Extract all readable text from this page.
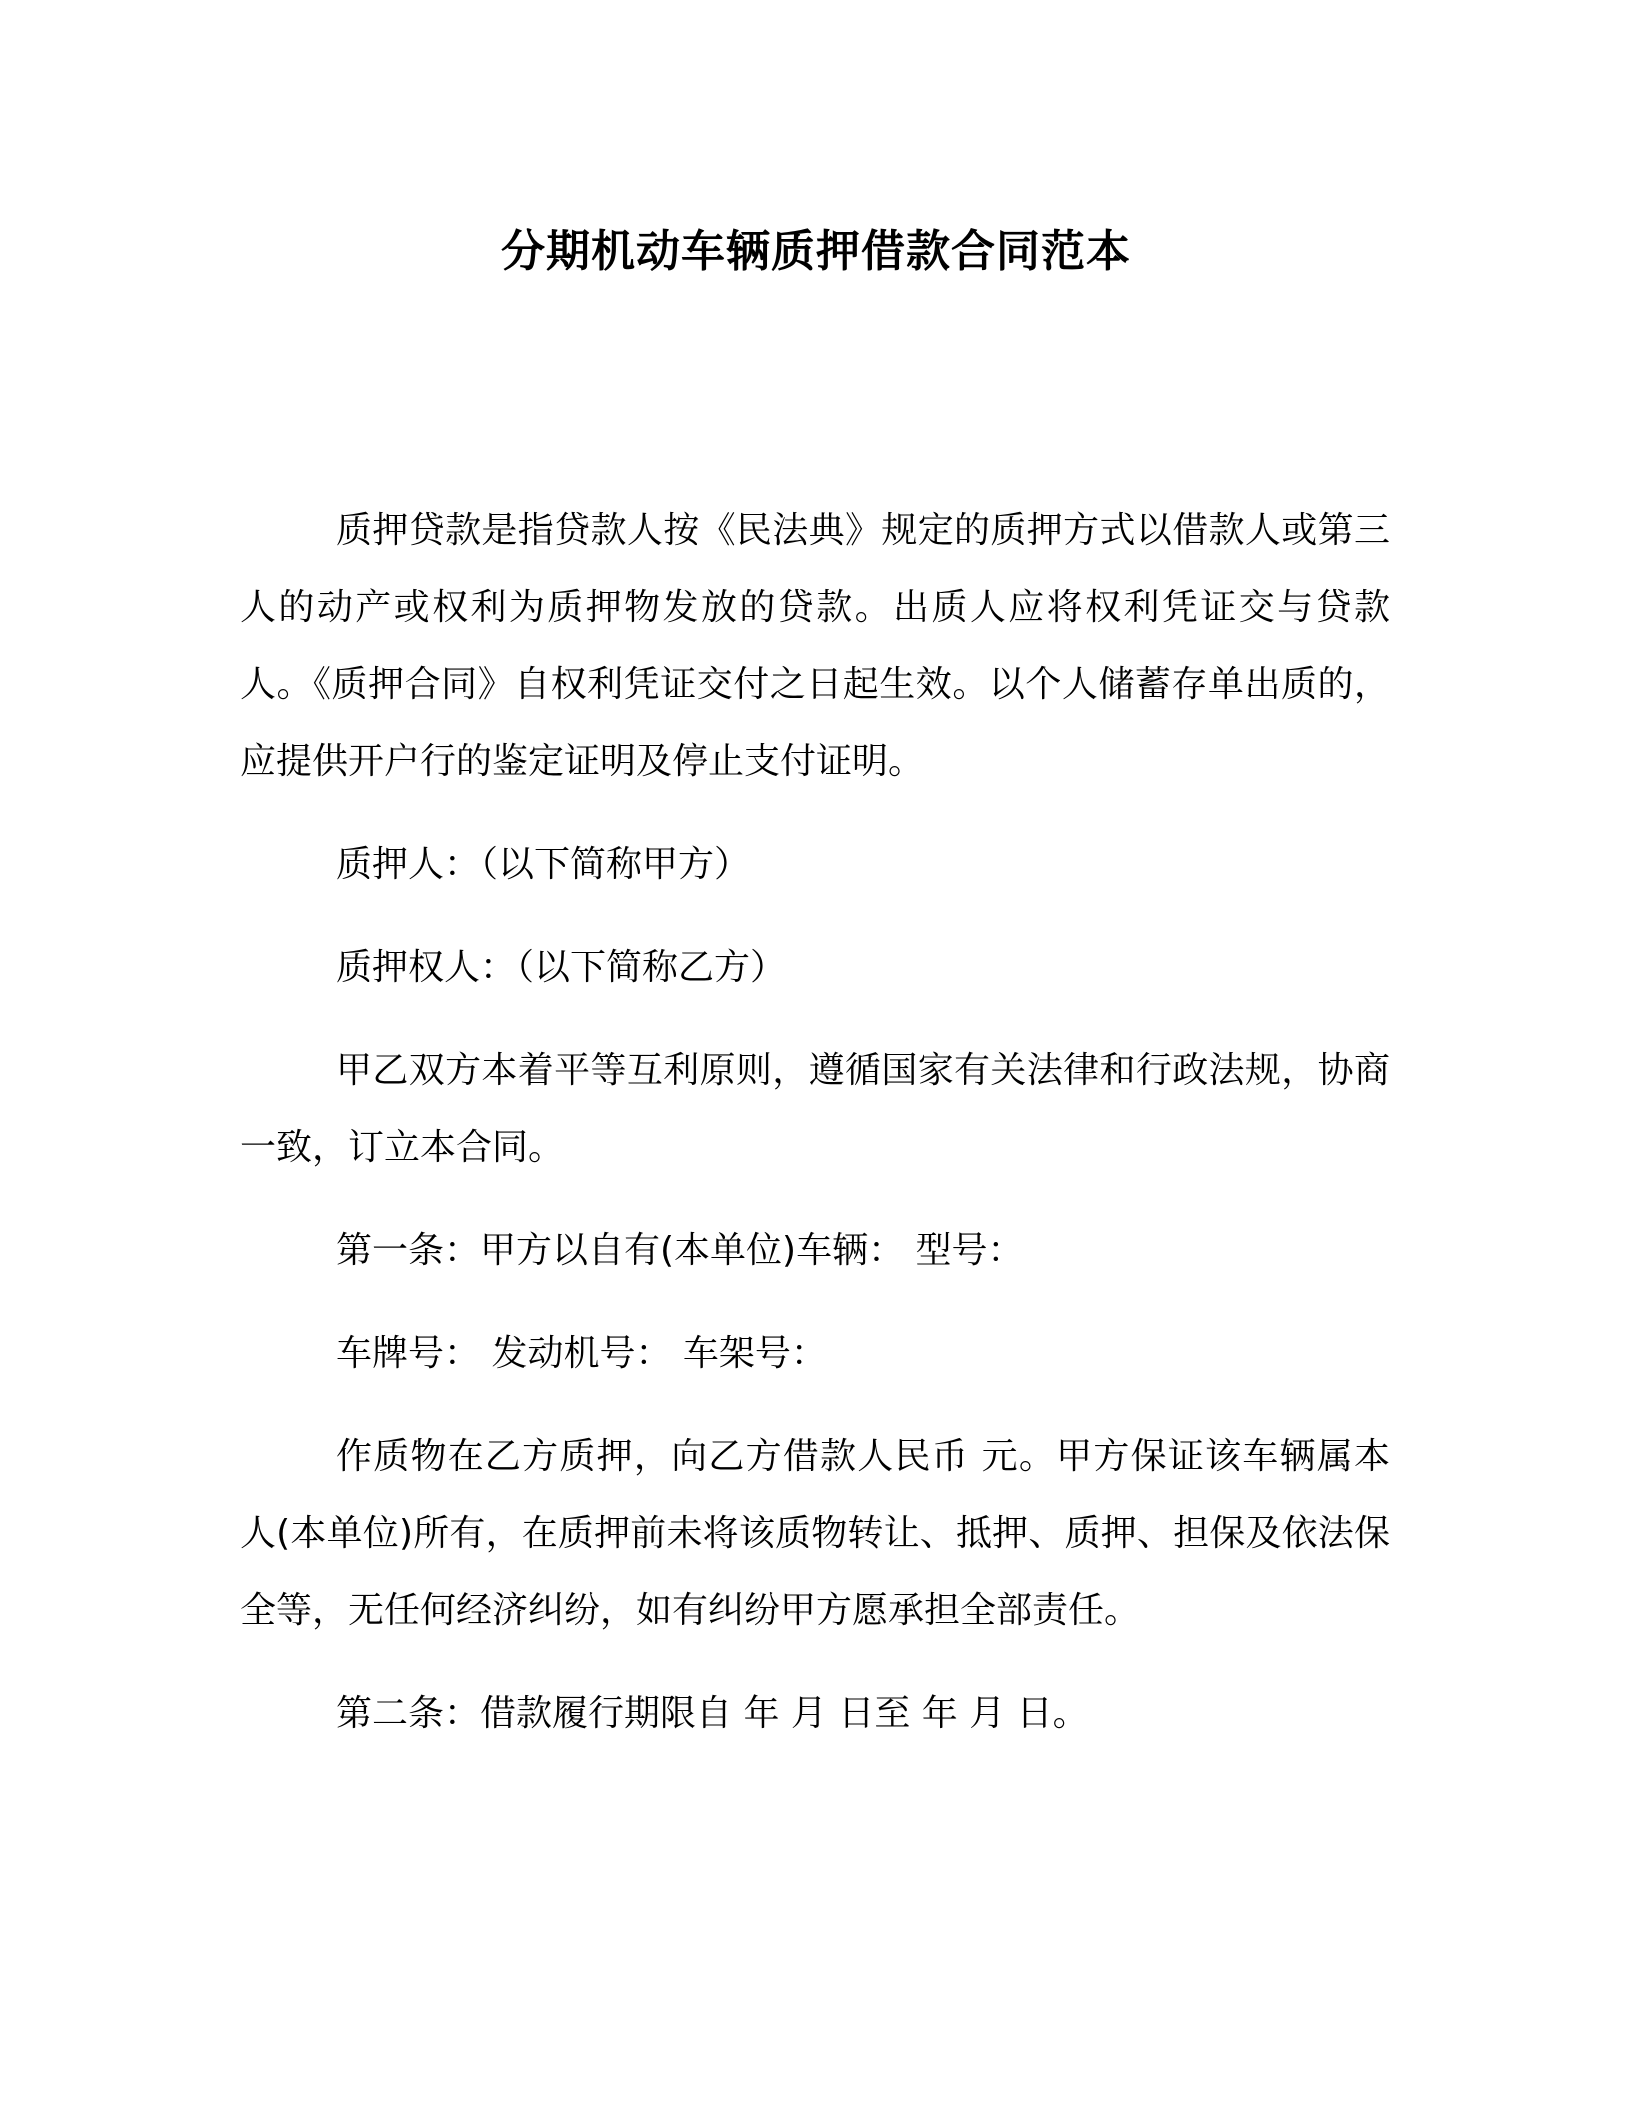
分期机动车辆质押借款合同范本

质押贷款是指贷款人按《民法典》规定的质押方式以借款人或第三人的动产或权利为质押物发放的贷款。出质人应将权利凭证交与贷款人。《质押合同》自权利凭证交付之日起生效。以个人储蓄存单出质的，应提供开户行的鉴定证明及停止支付证明。

质押人：（以下简称甲方）

质押权人：（以下简称乙方）

甲乙双方本着平等互利原则，遵循国家有关法律和行政法规，协商一致，订立本合同。

第一条：甲方以自有(本单位)车辆： 型号：

车牌号： 发动机号： 车架号：

作质物在乙方质押，向乙方借款人民币 元。甲方保证该车辆属本人(本单位)所有，在质押前未将该质物转让、抵押、质押、担保及依法保全等，无任何经济纠纷，如有纠纷甲方愿承担全部责任。

第二条：借款履行期限自 年 月 日至 年 月 日。
